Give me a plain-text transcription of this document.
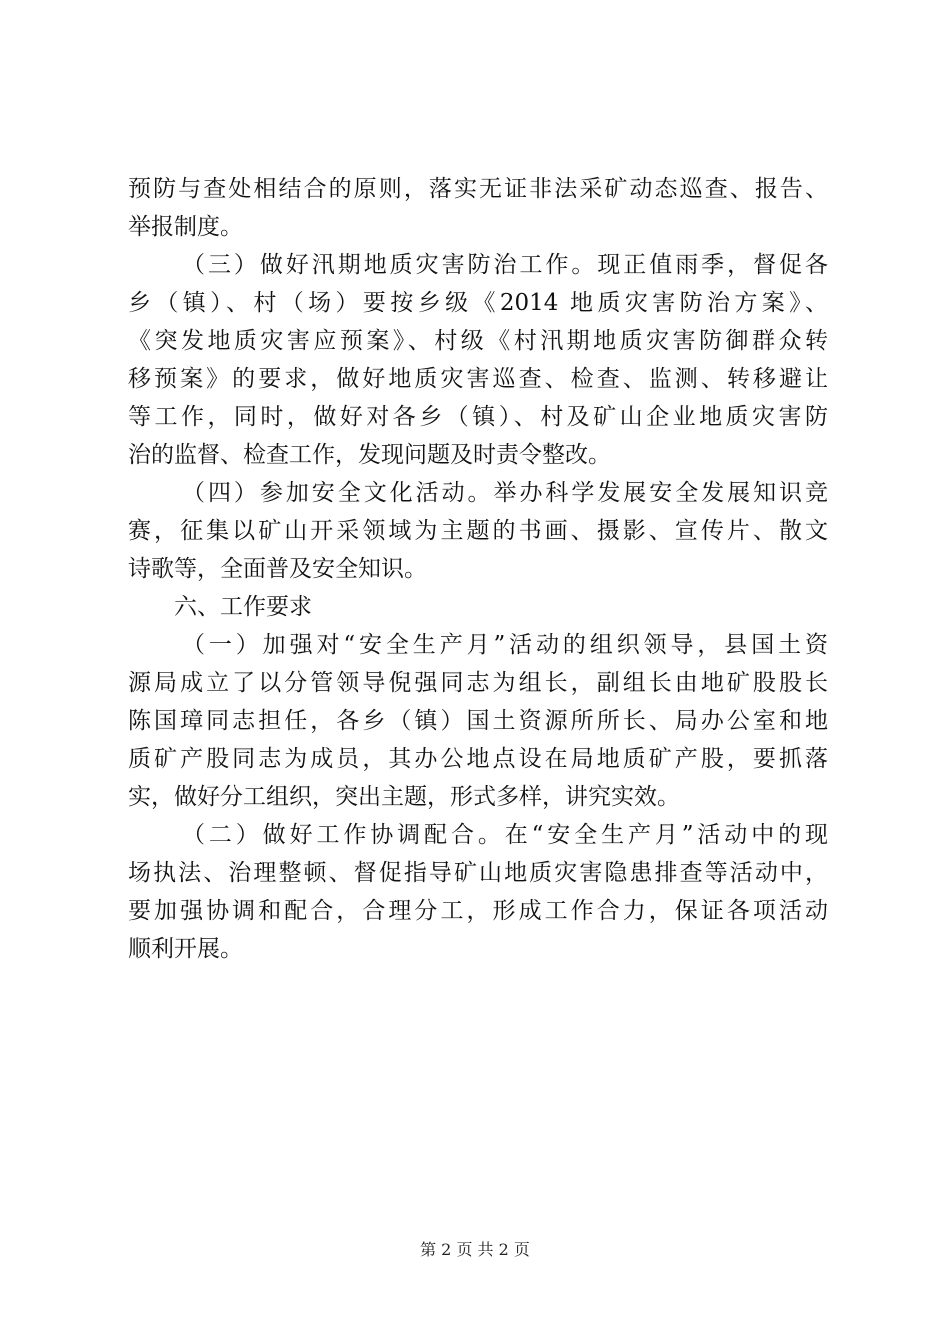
预防与查处相结合的原则，落实无证非法采矿动态巡查、报告、
举报制度。
（三）做好汛期地质灾害防治工作。现正值雨季，督促各
乡（镇）、村（场）要按乡级《2014 地质灾害防治方案》、
《突发地质灾害应预案》、村级《村汛期地质灾害防御群众转
移预案》的要求，做好地质灾害巡查、检查、监测、转移避让
等工作，同时，做好对各乡（镇）、村及矿山企业地质灾害防
治的监督、检查工作，发现问题及时责令整改。
（四）参加安全文化活动。举办科学发展安全发展知识竞
赛，征集以矿山开采领域为主题的书画、摄影、宣传片、散文
诗歌等，全面普及安全知识。
六、工作要求
（一）加强对“安全生产月”活动的组织领导，县国土资
源局成立了以分管领导倪强同志为组长，副组长由地矿股股长
陈国璋同志担任，各乡（镇）国土资源所所长、局办公室和地
质矿产股同志为成员，其办公地点设在局地质矿产股，要抓落
实，做好分工组织，突出主题，形式多样，讲究实效。
（二）做好工作协调配合。在“安全生产月”活动中的现
场执法、治理整顿、督促指导矿山地质灾害隐患排查等活动中，
要加强协调和配合，合理分工，形成工作合力，保证各项活动
顺利开展。
第 2 页 共 2 页
